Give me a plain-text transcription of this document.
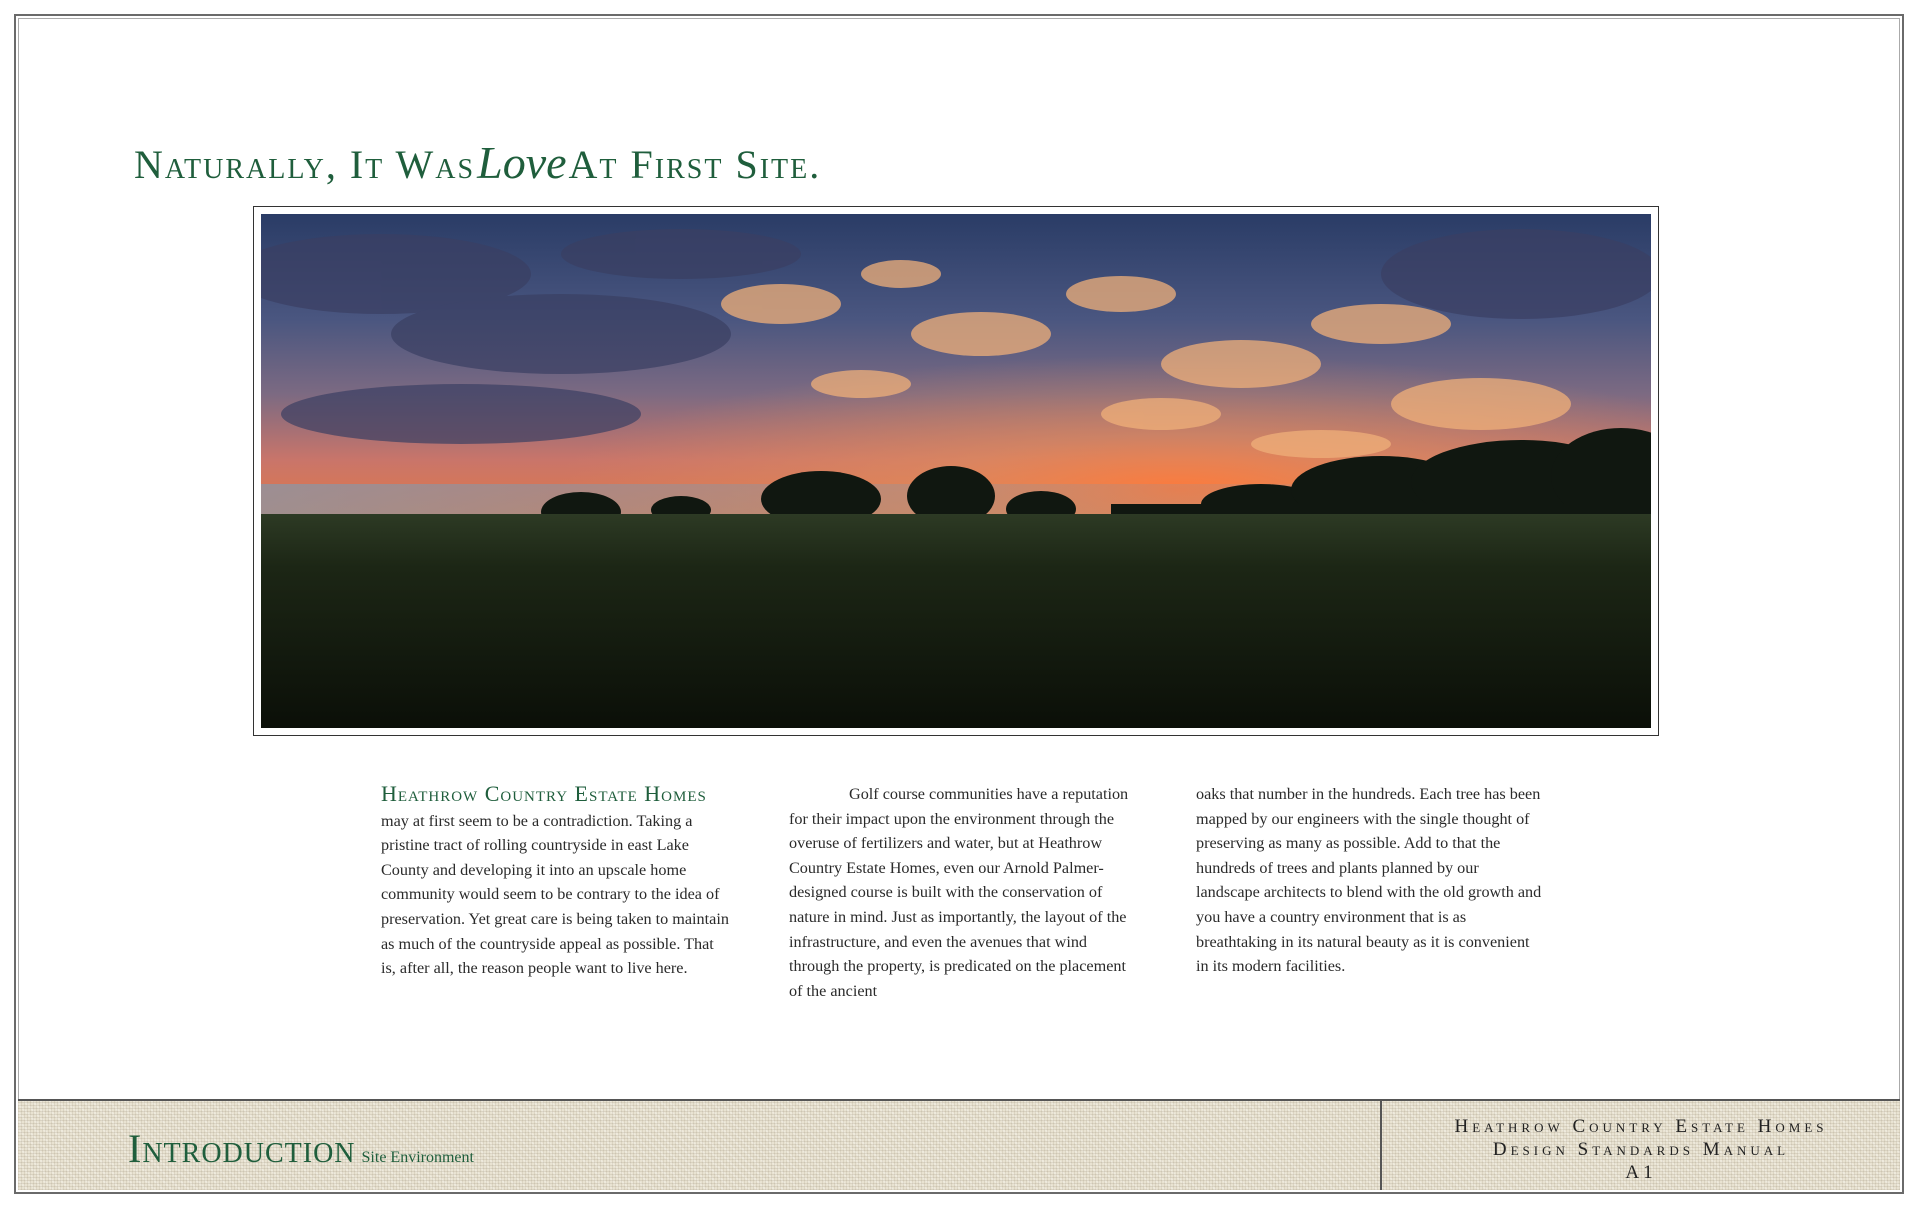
Naturally, It WasLoveAt First Site.

Heathrow Country Estate Homes may at first seem to be a contradiction. Taking a pristine tract of rolling countryside in east Lake County and developing it into an upscale home community would seem to be contrary to the idea of preservation. Yet great care is being taken to maintain as much of the countryside appeal as possible. That is, after all, the reason people want to live here.

Golf course communities have a reputation for their impact upon the environment through the overuse of fertilizers and water, but at Heathrow Country Estate Homes, even our Arnold Palmer-designed course is built with the conservation of nature in mind. Just as importantly, the layout of the infrastructure, and even the avenues that wind through the property, is predicated on the placement of the ancient

oaks that number in the hundreds. Each tree has been mapped by our engineers with the single thought of preserving as many as possible. Add to that the hundreds of trees and plants planned by our landscape architects to blend with the old growth and you have a country environment that is as breathtaking in its natural beauty as it is convenient in its modern facilities.

Introduction Site Environment
Heathrow Country Estate Homes
Design Standards Manual
A1
